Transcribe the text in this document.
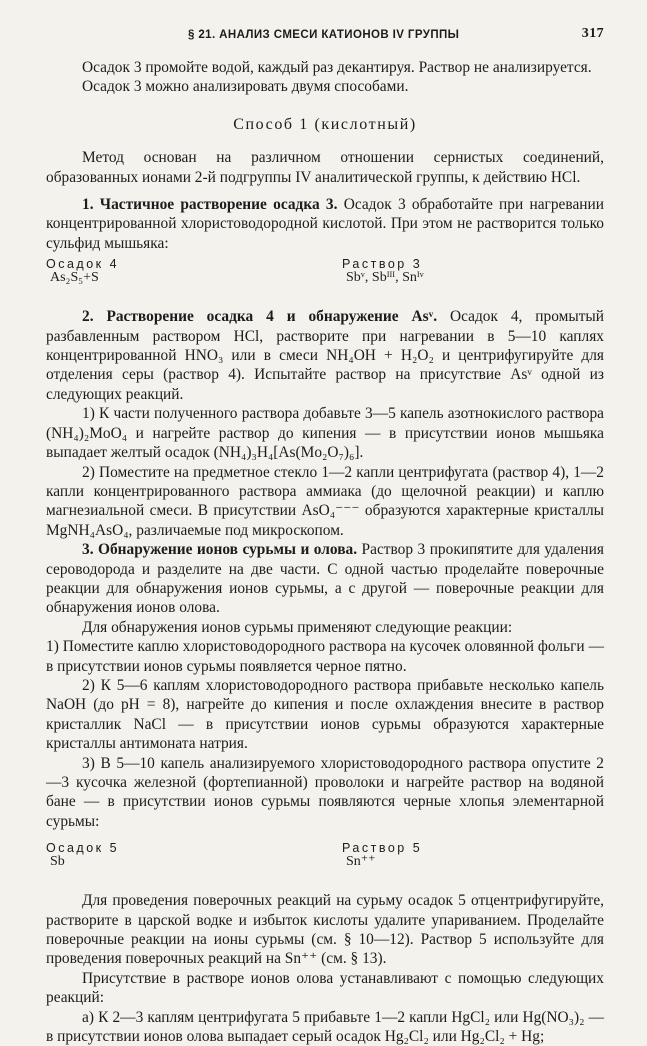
§ 21. АНАЛИЗ СМЕСИ КАТИОНОВ IV ГРУППЫ	317

Осадок 3 промойте водой, каждый раз декантируя. Раствор не анализируется.

Осадок 3 можно анализировать двумя способами.

Способ 1 (кислотный)

Метод основан на различном отношении сернистых соединений, образованных ионами 2-й подгруппы IV аналитической группы, к действию HCl.

1. Частичное растворение осадка 3. Осадок 3 обработайте при нагревании концентрированной хлористоводородной кислотой. При этом не растворится только сульфид мышьяка:

Осадок 4
As₂S₅+S
Раствор 3
Sbᵛ, Sbᴵᴵᴵ, Snᴵᵛ

2. Растворение осадка 4 и обнаружение Asᵛ. Осадок 4, промытый разбавленным раствором HCl, растворите при нагревании в 5—10 каплях концентрированной HNO₃ или в смеси NH₄OH + H₂O₂ и центрифугируйте для отделения серы (раствор 4). Испытайте раствор на присутствие Asᵛ одной из следующих реакций.

1) К части полученного раствора добавьте 3—5 капель азотнокислого раствора (NH₄)₂MoO₄ и нагрейте раствор до кипения — в присутствии ионов мышьяка выпадает желтый осадок (NH₄)₃H₄[As(Mo₂O₇)₆].

2) Поместите на предметное стекло 1—2 капли центрифугата (раствор 4), 1—2 капли концентрированного раствора аммиака (до щелочной реакции) и каплю магнезиальной смеси. В присутствии AsO₄⁻⁻⁻ образуются характерные кристаллы MgNH₄AsO₄, различаемые под микроскопом.

3. Обнаружение ионов сурьмы и олова. Раствор 3 прокипятите для удаления сероводорода и разделите на две части. С одной частью проделайте поверочные реакции для обнаружения ионов сурьмы, а с другой — поверочные реакции для обнаружения ионов олова.

Для обнаружения ионов сурьмы применяют следующие реакции:

1) Поместите каплю хлористоводородного раствора на кусочек оловянной фольги — в присутствии ионов сурьмы появляется черное пятно.

2) К 5—6 каплям хлористоводородного раствора прибавьте несколько капель NaOH (до pH = 8), нагрейте до кипения и после охлаждения внесите в раствор кристаллик NaCl — в присутствии ионов сурьмы образуются характерные кристаллы антимоната натрия.

3) В 5—10 капель анализируемого хлористоводородного раствора опустите 2—3 кусочка железной (фортепианной) проволоки и нагрейте раствор на водяной бане — в присутствии ионов сурьмы появляются черные хлопья элементарной сурьмы:

Осадок 5
Sb
Раствор 5
Sn⁺⁺

Для проведения поверочных реакций на сурьму осадок 5 отцентрифугируйте, растворите в царской водке и избыток кислоты удалите упариванием. Проделайте поверочные реакции на ионы сурьмы (см. § 10—12). Раствор 5 используйте для проведения поверочных реакций на Sn⁺⁺ (см. § 13).

Присутствие в растворе ионов олова устанавливают с помощью следующих реакций:

а) К 2—3 каплям центрифугата 5 прибавьте 1—2 капли HgCl₂ или Hg(NO₃)₂ — в присутствии ионов олова выпадает серый осадок Hg₂Cl₂ или Hg₂Cl₂ + Hg;
